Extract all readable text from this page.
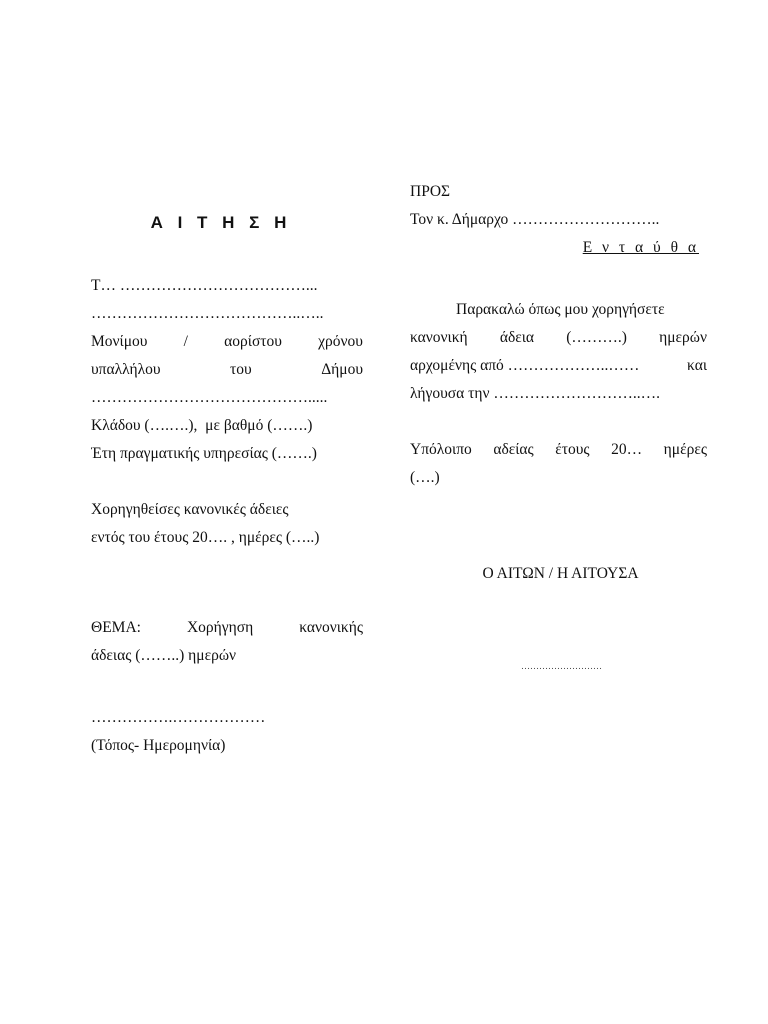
Α Ι Τ Η Σ Η
Τ… ………………………………...
…………………………………..…..
Μονίμου / αορίστου χρόνου
υπαλλήλου	του	Δήμου
…………………………………….....
Κλάδου (….….), με βαθμό (…….)
Έτη πραγματικής υπηρεσίας (…….)
Χορηγηθείσες κανονικές άδειες
εντός του έτους 20…. , ημέρες (…..)
ΘΕΜΑ:	Χορήγηση	κανονικής
άδειας (……..) ημερών
…………….………………
(Τόπος- Ημερομηνία)
ΠΡΟΣ
Τον κ. Δήμαρχο ………………………..
Ε ν τ α ύ θ α
Παρακαλώ όπως μου χορηγήσετε
κανονική άδεια (……….) ημερών
αρχομένης από ………………..……	και
λήγουσα την ………………………..….
Υπόλοιπο αδείας έτους 20… ημέρες
(….)
Ο ΑΙΤΩΝ / Η ΑΙΤΟΥΣΑ
………………………
